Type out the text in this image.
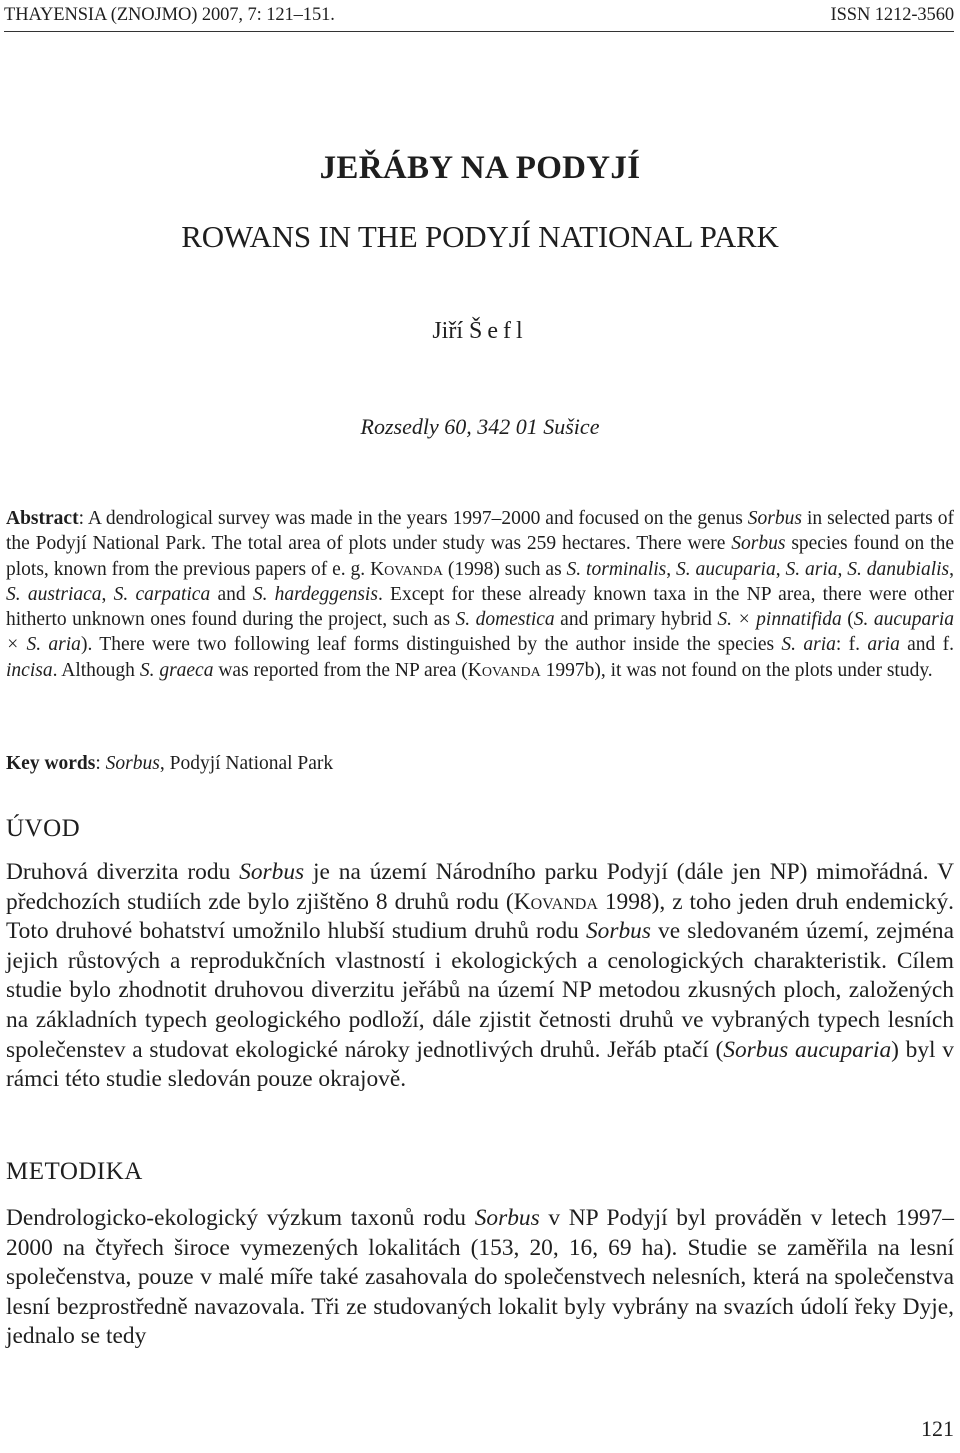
THAYENSIA (ZNOJMO) 2007, 7: 121–151.	ISSN 1212-3560
JEŘÁBY NA PODYJÍ
ROWANS IN THE PODYJÍ NATIONAL PARK
Jiří Šefl
Rozsedly 60, 342 01 Sušice
Abstract: A dendrological survey was made in the years 1997–2000 and focused on the genus Sorbus in selected parts of the Podyjí National Park. The total area of plots under study was 259 hectares. There were Sorbus species found on the plots, known from the previous papers of e. g. Kovanda (1998) such as S. torminalis, S. aucuparia, S. aria, S. danubialis, S. austriaca, S. carpatica and S. hardeggensis. Except for these already known taxa in the NP area, there were other hitherto unknown ones found during the project, such as S. domestica and primary hybrid S. × pinnatifida (S. aucuparia × S. aria). There were two following leaf forms distinguished by the author inside the species S. aria: f. aria and f. incisa. Although S. graeca was reported from the NP area (Kovanda 1997b), it was not found on the plots under study.
Key words: Sorbus, Podyjí National Park
ÚVOD
Druhová diverzita rodu Sorbus je na území Národního parku Podyjí (dále jen NP) mimořádná. V předchozích studiích zde bylo zjištěno 8 druhů rodu (Kovanda 1998), z toho jeden druh endemický. Toto druhové bohatství umožnilo hlubší studium druhů rodu Sorbus ve sledovaném území, zejména jejich růstových a reprodukčních vlastností i ekologických a cenologických charakteristik. Cílem studie bylo zhodnotit druhovou diverzitu jeřábů na území NP metodou zkusných ploch, založených na základních typech geologického podloží, dále zjistit četnosti druhů ve vybraných typech lesních společenstev a studovat ekologické nároky jednotlivých druhů. Jeřáb ptačí (Sorbus aucuparia) byl v rámci této studie sledován pouze okrajově.
METODIKA
Dendrologicko-ekologický výzkum taxonů rodu Sorbus v NP Podyjí byl prováděn v letech 1997–2000 na čtyřech široce vymezených lokalitách (153, 20, 16, 69 ha). Studie se zaměřila na lesní společenstva, pouze v malé míře také zasahovala do společenstvech nelesních, která na společenstva lesní bezprostředně navazovala. Tři ze studovaných lokalit byly vybrány na svazích údolí řeky Dyje, jednalo se tedy
121
